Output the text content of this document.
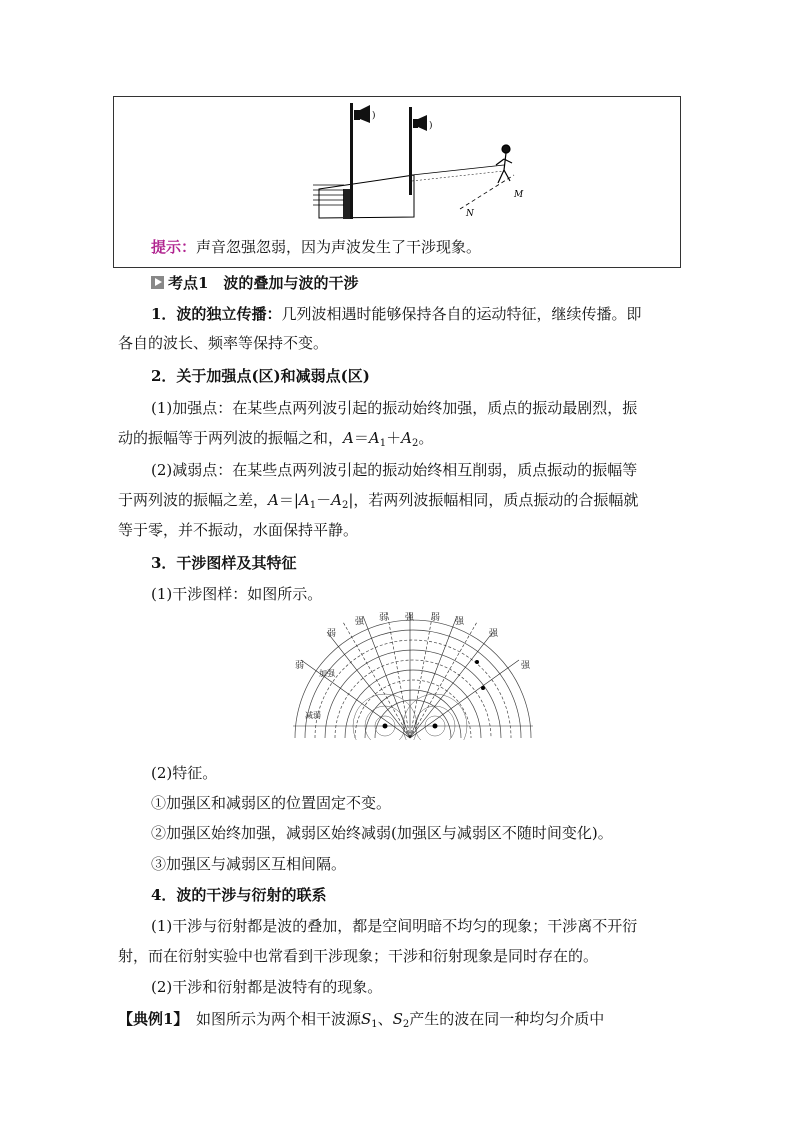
)
)
M
N
提示：声音忽强忽弱，因为声波发生了干涉现象。
考点1　波的叠加与波的干涉
1．波的独立传播：几列波相遇时能够保持各自的运动特征，继续传播。即
各自的波长、频率等保持不变。
2．关于加强点(区)和减弱点(区)
(1)加强点：在某些点两列波引起的振动始终加强，质点的振动最剧烈，振
动的振幅等于两列波的振幅之和，$A=A_1+A_2$。
(2)减弱点：在某些点两列波引起的振动始终相互削弱，质点振动的振幅等
于两列波的振幅之差，$A=|A_1-A_2|$，若两列波振幅相同，质点振动的合振幅就
等于零，并不振动，水面保持平静。
3．干涉图样及其特征
(1)干涉图样：如图所示。
强 弱 强 弱 强
弱	强
弱	强
加强
减弱
(2)特征。
①加强区和减弱区的位置固定不变。
②加强区始终加强，减弱区始终减弱(加强区与减弱区不随时间变化)。
③加强区与减弱区互相间隔。
4．波的干涉与衍射的联系
(1)干涉与衍射都是波的叠加，都是空间明暗不均匀的现象；干涉离不开衍
射，而在衍射实验中也常看到干涉现象；干涉和衍射现象是同时存在的。
(2)干涉和衍射都是波特有的现象。
【典例1】　如图所示为两个相干波源$S_1$、$S_2$产生的波在同一种均匀介质中
